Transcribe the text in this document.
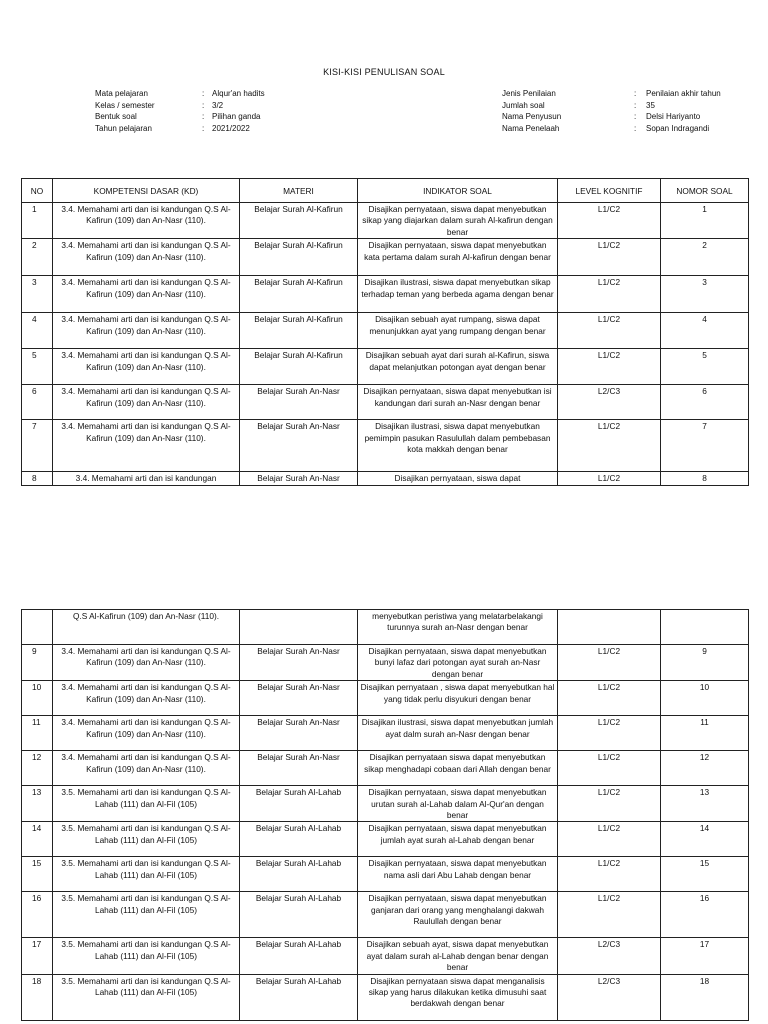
KISI-KISI PENULISAN SOAL
Mata pelajaran	: Alqur'an hadits
Kelas / semester	: 3/2
Bentuk soal	: Pilihan ganda
Tahun pelajaran	: 2021/2022
Jenis Penilaian	:	Penilaian akhir tahun
Jumlah soal	:	35
Nama Penyusun	:	Delsi Hariyanto
Nama Penelaah	:	Sopan Indragandi
NO	KOMPETENSI DASAR (KD)	MATERI	INDIKATOR SOAL	LEVEL KOGNITIF	NOMOR SOAL
1	3.4. Memahami arti dan isi kandungan Q.S Al-Kafirun (109) dan An-Nasr (110).	Belajar Surah Al-Kafirun	Disajikan pernyataan, siswa dapat menyebutkan sikap yang diajarkan dalam surah Al-kafirun dengan benar	L1/C2	1
2	3.4. Memahami arti dan isi kandungan Q.S Al-Kafirun (109) dan An-Nasr (110).	Belajar Surah Al-Kafirun	Disajikan pernyataan, siswa dapat menyebutkan kata pertama dalam surah Al-kafirun dengan benar	L1/C2	2
3	3.4. Memahami arti dan isi kandungan Q.S Al-Kafirun (109) dan An-Nasr (110).	Belajar Surah Al-Kafirun	Disajikan ilustrasi, siswa dapat menyebutkan sikap terhadap teman yang berbeda agama dengan benar	L1/C2	3
4	3.4. Memahami arti dan isi kandungan Q.S Al-Kafirun (109) dan An-Nasr (110).	Belajar Surah Al-Kafirun	Disajikan sebuah ayat rumpang, siswa dapat menunjukkan ayat yang rumpang dengan benar	L1/C2	4
5	3.4. Memahami arti dan isi kandungan Q.S Al-Kafirun (109) dan An-Nasr (110).	Belajar Surah Al-Kafirun	Disajikan sebuah ayat dari surah al-Kafirun, siswa dapat melanjutkan potongan ayat dengan benar	L1/C2	5
6	3.4. Memahami arti dan isi kandungan Q.S Al-Kafirun (109) dan An-Nasr (110).	Belajar Surah An-Nasr	Disajikan pernyataan, siswa dapat menyebutkan isi kandungan dari surah an-Nasr dengan benar	L2/C3	6
7	3.4. Memahami arti dan isi kandungan Q.S Al-Kafirun (109) dan An-Nasr (110).	Belajar Surah An-Nasr	Disajikan ilustrasi, siswa dapat menyebutkan pemimpin pasukan Rasulullah dalam pembebasan kota makkah dengan benar	L1/C2	7
8	3.4. Memahami arti dan isi kandungan	Belajar Surah An-Nasr	Disajikan pernyataan, siswa dapat	L1/C2	8
	Q.S Al-Kafirun (109) dan An-Nasr (110).		menyebutkan peristiwa yang melatarbelakangi turunnya surah an-Nasr dengan benar		
9	3.4. Memahami arti dan isi kandungan Q.S Al-Kafirun (109) dan An-Nasr (110).	Belajar Surah An-Nasr	Disajikan pernyataan, siswa dapat menyebutkan bunyi lafaz dari potongan ayat surah an-Nasr dengan benar	L1/C2	9
10	3.4. Memahami arti dan isi kandungan Q.S Al-Kafirun (109) dan An-Nasr (110).	Belajar Surah An-Nasr	Disajikan pernyataan , siswa dapat menyebutkan hal yang tidak perlu disyukuri dengan benar	L1/C2	10
11	3.4. Memahami arti dan isi kandungan Q.S Al-Kafirun (109) dan An-Nasr (110).	Belajar Surah An-Nasr	Disajikan ilustrasi, siswa dapat menyebutkan jumlah ayat dalm surah an-Nasr dengan benar	L1/C2	11
12	3.4. Memahami arti dan isi kandungan Q.S Al-Kafirun (109) dan An-Nasr (110).	Belajar Surah An-Nasr	Disajikan pernyataan siswa dapat menyebutkan sikap menghadapi cobaan dari Allah dengan benar	L1/C2	12
13	3.5. Memahami arti dan isi kandungan Q.S Al-Lahab (111) dan Al-Fil (105)	Belajar Surah Al-Lahab	Disajikan pernyataan, siswa dapat menyebutkan urutan surah al-Lahab dalam Al-Qur'an dengan benar	L1/C2	13
14	3.5. Memahami arti dan isi kandungan Q.S Al-Lahab (111) dan Al-Fil (105)	Belajar Surah Al-Lahab	Disajikan pernyataan, siswa dapat menyebutkan jumlah ayat surah al-Lahab dengan benar	L1/C2	14
15	3.5. Memahami arti dan isi kandungan Q.S Al-Lahab (111) dan Al-Fil (105)	Belajar Surah Al-Lahab	Disajikan pernyataan, siswa dapat menyebutkan nama asli dari Abu Lahab dengan benar	L1/C2	15
16	3.5. Memahami arti dan isi kandungan Q.S Al-Lahab (111) dan Al-Fil (105)	Belajar Surah Al-Lahab	Disajikan pernyataan, siswa dapat menyebutkan ganjaran dari orang yang menghalangi dakwah Raulullah dengan benar	L1/C2	16
17	3.5. Memahami arti dan isi kandungan Q.S Al-Lahab (111) dan Al-Fil (105)	Belajar Surah Al-Lahab	Disajikan sebuah ayat, siswa dapat menyebutkan ayat dalam surah al-Lahab dengan benar dengan benar	L2/C3	17
18	3.5. Memahami arti dan isi kandungan Q.S Al-Lahab (111) dan Al-Fil (105)	Belajar Surah Al-Lahab	Disajikan pernyataan siswa dapat menganalisis sikap yang harus dilakukan ketika dimusuhi saat berdakwah dengan benar	L2/C3	18
